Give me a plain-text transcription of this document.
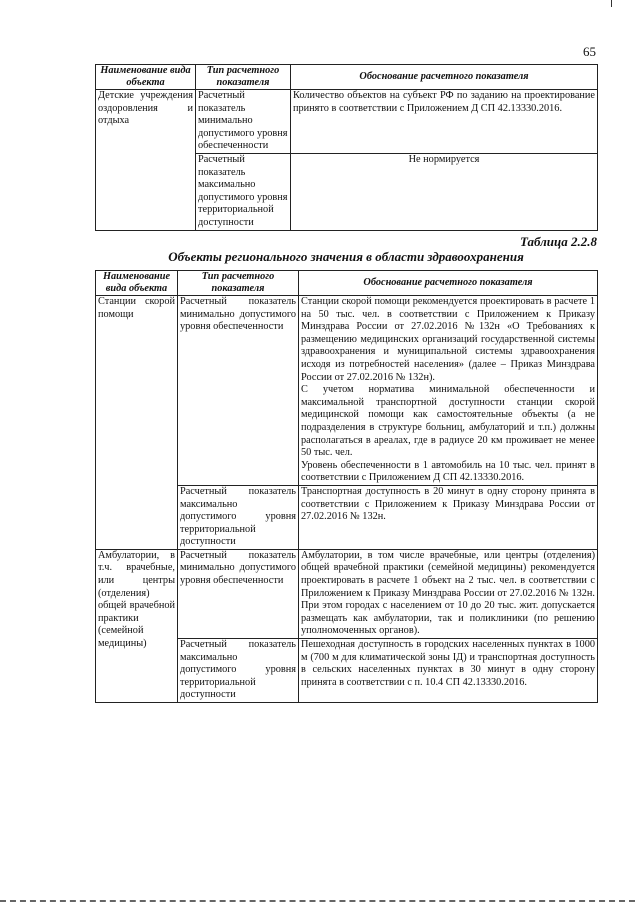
65
Наименование вида объекта	Тип расчетного показателя	Обоснование расчетного показателя
Детские учреждения оздоровления и отдыха	Расчетный показатель минимально допустимого уровня обеспеченности	Количество объектов на субъект РФ по заданию на проектирование принято в соответствии с Приложением Д СП 42.13330.2016.
	Расчетный показатель максимально допустимого уровня территориальной доступности	Не нормируется
Таблица 2.2.8
Объекты регионального значения в области здравоохранения
Наименование вида объекта	Тип расчетного показателя	Обоснование расчетного показателя
Станции скорой помощи	Расчетный показатель минимально допустимого уровня обеспеченности	Станции скорой помощи рекомендуется проектировать в расчете 1 на 50 тыс. чел. в соответствии с Приложением к Приказу Минздрава России от 27.02.2016 №132н «О Требованиях к размещению медицинских организаций государственной системы здравоохранения и муниципальной системы здравоохранения исходя из потребностей населения» (далее – Приказ Минздрава России от 27.02.2016 № 132н).
С учетом норматива минимальной обеспеченности и максимальной транспортной доступности станции скорой медицинской помощи как самостоятельные объекты (а не подразделения в структуре больниц, амбулаторий и т.п.) должны располагаться в ареалах, где в радиусе 20 км проживает не менее 50 тыс. чел.
Уровень обеспеченности в 1 автомобиль на 10 тыс. чел. принят в соответствии с Приложением Д СП 42.13330.2016.

	Расчетный показатель максимально допустимого уровня территориальной доступности	Транспортная доступность в 20 минут в одну сторону принята в соответствии с Приложением к Приказу Минздрава России от 27.02.2016 № 132н.
Амбулатории, в т.ч. врачебные, или центры (отделения) общей врачебной практики (семейной медицины)	Расчетный показатель минимально допустимого уровня обеспеченности	Амбулатории, в том числе врачебные, или центры (отделения) общей врачебной практики (семейной медицины) рекомендуется проектировать в расчете 1 объект на 2 тыс. чел. в соответствии с Приложением к Приказу Минздрава России от 27.02.2016 № 132н. При этом городах с населением от 10 до 20 тыс. жит. допускается размещать как амбулатории, так и поликлиники (по решению уполномоченных органов).
	Расчетный показатель максимально допустимого уровня территориальной доступности	Пешеходная доступность в городских населенных пунктах в 1000 м (700 м для климатической зоны IД) и транспортная доступность в сельских населенных пунктах в 30 минут в одну сторону принята в соответствии с п. 10.4 СП 42.13330.2016.
